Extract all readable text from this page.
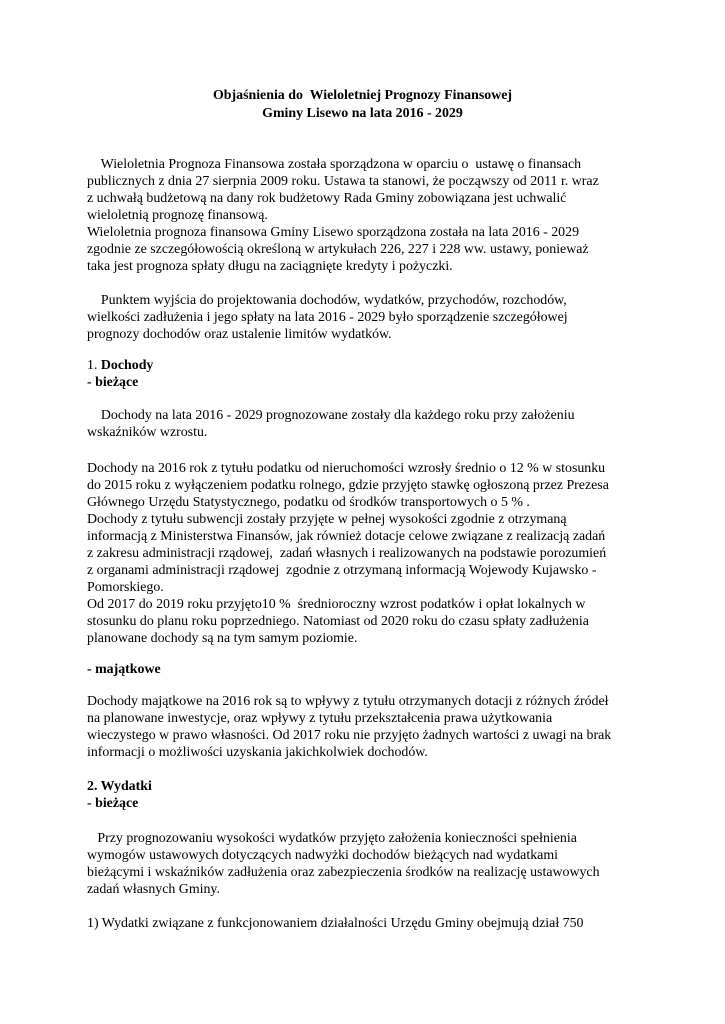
Objaśnienia do  Wieloletniej Prognozy Finansowej
Gminy Lisewo na lata 2016 - 2029
Wieloletnia Prognoza Finansowa została sporządzona w oparciu o  ustawę o finansach
publicznych z dnia 27 sierpnia 2009 roku. Ustawa ta stanowi, że począwszy od 2011 r. wraz
z uchwałą budżetową na dany rok budżetowy Rada Gminy zobowiązana jest uchwalić
wieloletnią prognozę finansową.
Wieloletnia prognoza finansowa Gminy Lisewo sporządzona została na lata 2016 - 2029
zgodnie ze szczegółowością określoną w artykułach 226, 227 i 228 ww. ustawy, ponieważ
taka jest prognoza spłaty długu na zaciągnięte kredyty i pożyczki.
Punktem wyjścia do projektowania dochodów, wydatków, przychodów, rozchodów,
wielkości zadłużenia i jego spłaty na lata 2016 - 2029 było sporządzenie szczegółowej
prognozy dochodów oraz ustalenie limitów wydatków.
1. Dochody
- bieżące
Dochody na lata 2016 - 2029 prognozowane zostały dla każdego roku przy założeniu
wskaźników wzrostu.
Dochody na 2016 rok z tytułu podatku od nieruchomości wzrosły średnio o 12 % w stosunku
do 2015 roku z wyłączeniem podatku rolnego, gdzie przyjęto stawkę ogłoszoną przez Prezesa
Głównego Urzędu Statystycznego, podatku od środków transportowych o 5 % .
Dochody z tytułu subwencji zostały przyjęte w pełnej wysokości zgodnie z otrzymaną
informacją z Ministerstwa Finansów, jak również dotacje celowe związane z realizacją zadań
z zakresu administracji rządowej,  zadań własnych i realizowanych na podstawie porozumień
z organami administracji rządowej  zgodnie z otrzymaną informacją Wojewody Kujawsko -
Pomorskiego.
Od 2017 do 2019 roku przyjęto10 %  średnioroczny wzrost podatków i opłat lokalnych w
stosunku do planu roku poprzedniego. Natomiast od 2020 roku do czasu spłaty zadłużenia
planowane dochody są na tym samym poziomie.
- majątkowe
Dochody majątkowe na 2016 rok są to wpływy z tytułu otrzymanych dotacji z różnych źródeł
na planowane inwestycje, oraz wpływy z tytułu przekształcenia prawa użytkowania
wieczystego w prawo własności. Od 2017 roku nie przyjęto żadnych wartości z uwagi na brak
informacji o możliwości uzyskania jakichkolwiek dochodów.
2. Wydatki
- bieżące
Przy prognozowaniu wysokości wydatków przyjęto założenia konieczności spełnienia
wymogów ustawowych dotyczących nadwyżki dochodów bieżących nad wydatkami
bieżącymi i wskaźników zadłużenia oraz zabezpieczenia środków na realizację ustawowych
zadań własnych Gminy.
1) Wydatki związane z funkcjonowaniem działalności Urzędu Gminy obejmują dział 750
